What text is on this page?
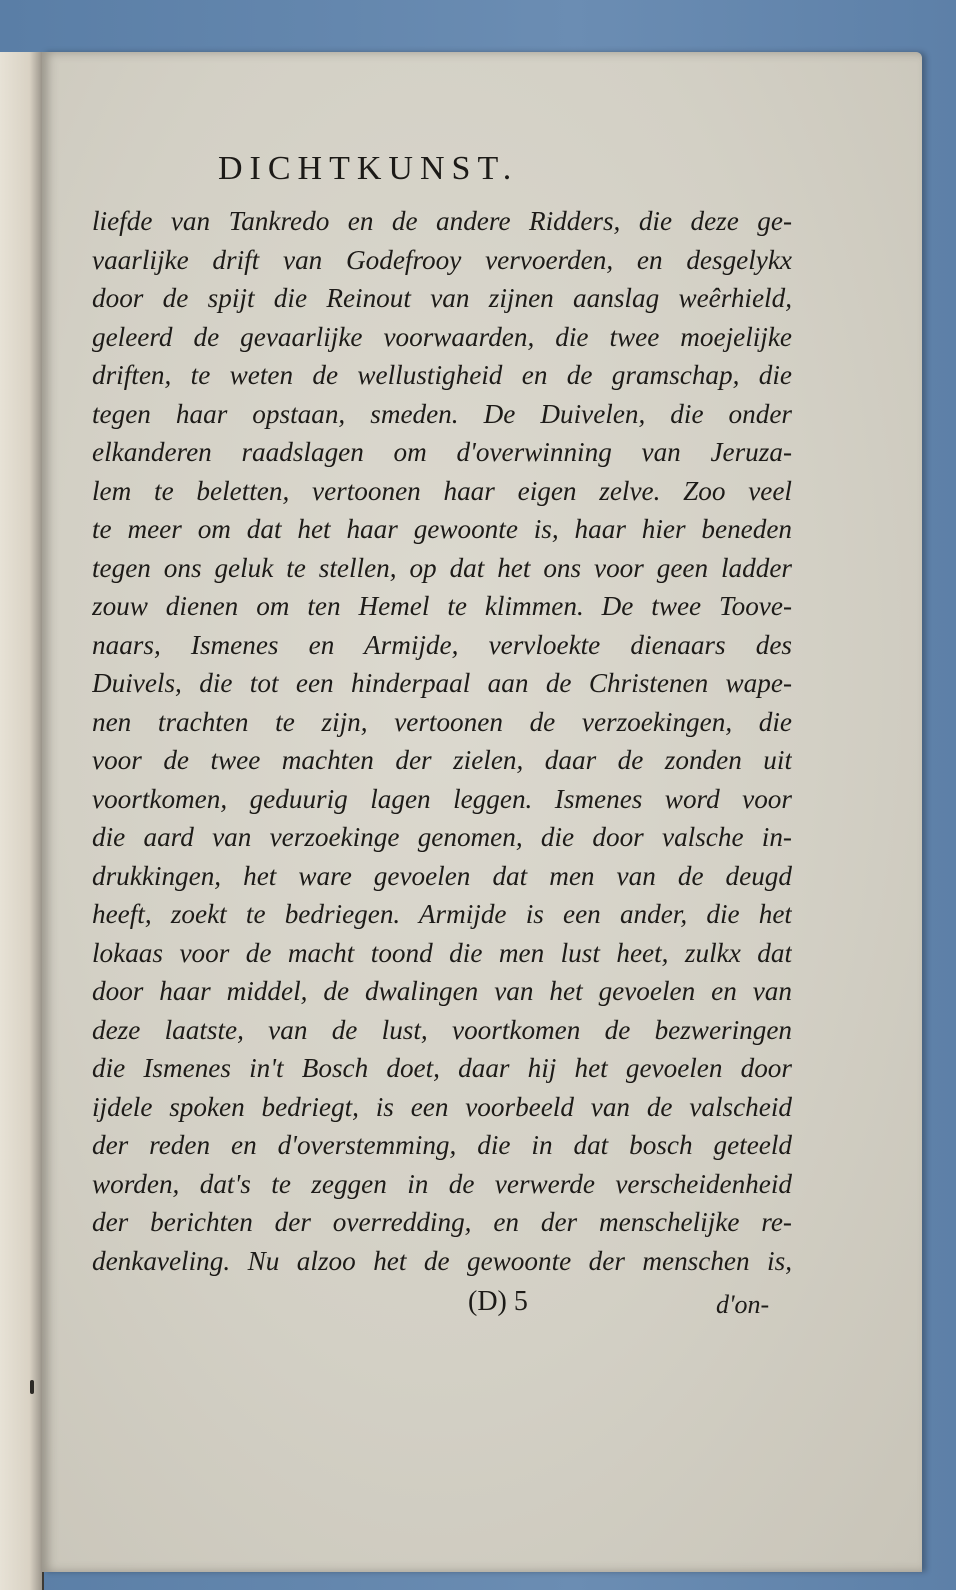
DICHTKUNST.
liefde van Tankredo en de andere Ridders, die deze ge-
vaarlijke drift van Godefrooy vervoerden, en desgelykx
door de spijt die Reinout van zijnen aanslag weêrhield,
geleerd de gevaarlijke voorwaarden, die twee moejelijke
driften, te weten de wellustigheid en de gramschap, die
tegen haar opstaan, smeden. De Duivelen, die onder
elkanderen raadslagen om d'overwinning van Jeruza-
lem te beletten, vertoonen haar eigen zelve. Zoo veel
te meer om dat het haar gewoonte is, haar hier beneden
tegen ons geluk te stellen, op dat het ons voor geen ladder
zouw dienen om ten Hemel te klimmen. De twee Toove-
naars, Ismenes en Armijde, vervloekte dienaars des
Duivels, die tot een hinderpaal aan de Christenen wape-
nen trachten te zijn, vertoonen de verzoekingen, die
voor de twee machten der zielen, daar de zonden uit
voortkomen, geduurig lagen leggen. Ismenes word voor
die aard van verzoekinge genomen, die door valsche in-
drukkingen, het ware gevoelen dat men van de deugd
heeft, zoekt te bedriegen. Armijde is een ander, die het
lokaas voor de macht toond die men lust heet, zulkx dat
door haar middel, de dwalingen van het gevoelen en van
deze laatste, van de lust, voortkomen de bezweringen
die Ismenes in't Bosch doet, daar hij het gevoelen door
ijdele spoken bedriegt, is een voorbeeld van de valscheid
der reden en d'overstemming, die in dat bosch geteeld
worden, dat's te zeggen in de verwerde verscheidenheid
der berichten der overredding, en der menschelijke re-
denkaveling. Nu alzoo het de gewoonte der menschen is,
(D) 5	d'on-
